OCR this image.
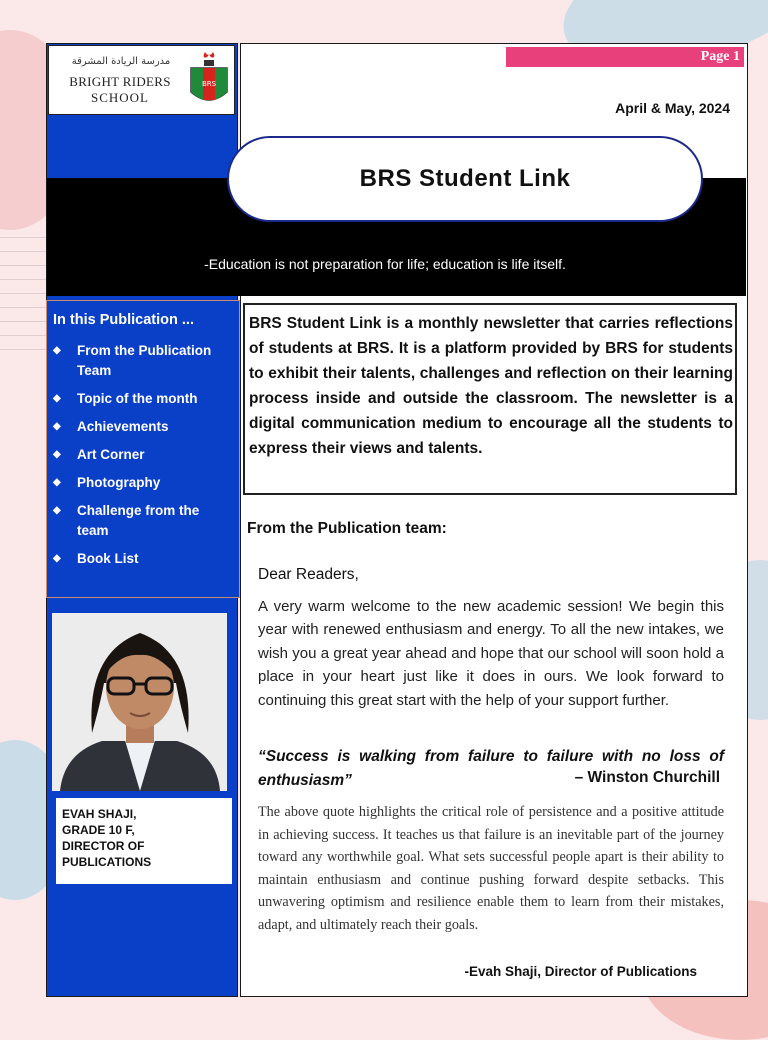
مدرسة الريادة المشرقة
BRIGHT RIDERS
SCHOOL
BRS
In this Publication ...
◆ From the Publication Team
◆ Topic of the month
◆ Achievements
◆ Art Corner
◆ Photography
◆ Challenge from the team
◆ Book List
EVAH SHAJI,
GRADE 10 F,
DIRECTOR OF
PUBLICATIONS
Page 1
April & May, 2024
BRS Student Link
-Education is not preparation for life; education is life itself.
BRS Student Link is a monthly newsletter that carries reflections of students at BRS. It is a platform provided by BRS for students to exhibit their talents, challenges and reflection on their learning process inside and outside the classroom. The newsletter is a digital communication medium to encourage all the students to express their views and talents.
From the Publication team:
Dear Readers,
A very warm welcome to the new academic session! We begin this year with renewed enthusiasm and energy. To all the new intakes, we wish you a great year ahead and hope that our school will soon hold a place in your heart just like it does in ours. We look forward to continuing this great start with the help of your support further.
“Success is walking from failure to failure with no loss of enthusiasm”	– Winston Churchill
The above quote highlights the critical role of persistence and a positive attitude in achieving success. It teaches us that failure is an inevitable part of the journey toward any worthwhile goal. What sets successful people apart is their ability to maintain enthusiasm and continue pushing forward despite setbacks. This unwavering optimism and resilience enable them to learn from their mistakes, adapt, and ultimately reach their goals.
-Evah Shaji, Director of Publications
